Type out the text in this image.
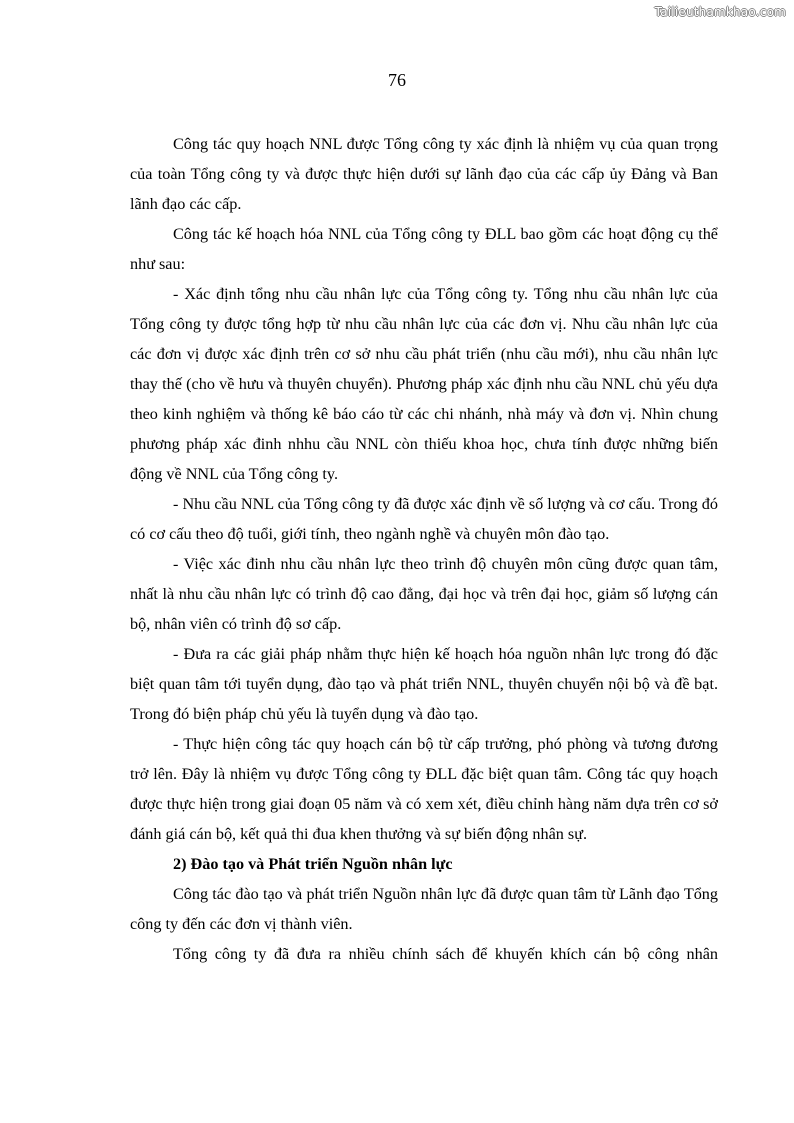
Tailieuthamkhao.com
76

Công tác quy hoạch NNL được Tổng công ty xác định là nhiệm vụ của quan trọng của toàn Tổng công ty và được thực hiện dưới sự lãnh đạo của các cấp ủy Đảng và Ban lãnh đạo các cấp.

Công tác kế hoạch hóa NNL của Tổng công ty ĐLL bao gồm các hoạt động cụ thể như sau:

- Xác định tổng nhu cầu nhân lực của Tổng công ty. Tổng nhu cầu nhân lực của Tổng công ty được tổng hợp từ nhu cầu nhân lực của các đơn vị. Nhu cầu nhân lực của các đơn vị được xác định trên cơ sở nhu cầu phát triển (nhu cầu mới), nhu cầu nhân lực thay thế (cho về hưu và thuyên chuyển). Phương pháp xác định nhu cầu NNL chủ yếu dựa theo kinh nghiệm và thống kê báo cáo từ các chi nhánh, nhà máy và đơn vị. Nhìn chung phương pháp xác đinh nhhu cầu NNL còn thiếu khoa học, chưa tính được những biến động về NNL của Tổng công ty.

- Nhu cầu NNL của Tổng công ty đã được xác định về số lượng và cơ cấu. Trong đó có cơ cấu theo độ tuổi, giới tính, theo ngành nghề và chuyên môn đào tạo.

- Việc xác đinh nhu cầu nhân lực theo trình độ chuyên môn cũng được quan tâm, nhất là nhu cầu nhân lực có trình độ cao đẳng, đại học và trên đại học, giảm số lượng cán bộ, nhân viên có trình độ sơ cấp.

- Đưa ra các giải pháp nhằm thực hiện kế hoạch hóa nguồn nhân lực trong đó đặc biệt quan tâm tới tuyển dụng, đào tạo và phát triển NNL, thuyên chuyển nội bộ và đề bạt. Trong đó biện pháp chủ yếu là tuyển dụng và đào tạo.

- Thực hiện công tác quy hoạch cán bộ từ cấp trưởng, phó phòng và tương đương trở lên. Đây là nhiệm vụ được Tổng công ty ĐLL đặc biệt quan tâm. Công tác quy hoạch được thực hiện trong giai đoạn 05 năm và có xem xét, điều chỉnh hàng năm dựa trên cơ sở đánh giá cán bộ, kết quả thi đua khen thưởng và sự biến động nhân sự.

2) Đào tạo và Phát triển Nguồn nhân lực

Công tác đào tạo và phát triển Nguồn nhân lực đã được quan tâm từ Lãnh đạo Tổng công ty đến các đơn vị thành viên.

Tổng công ty đã đưa ra nhiều chính sách để khuyến khích cán bộ công nhân
